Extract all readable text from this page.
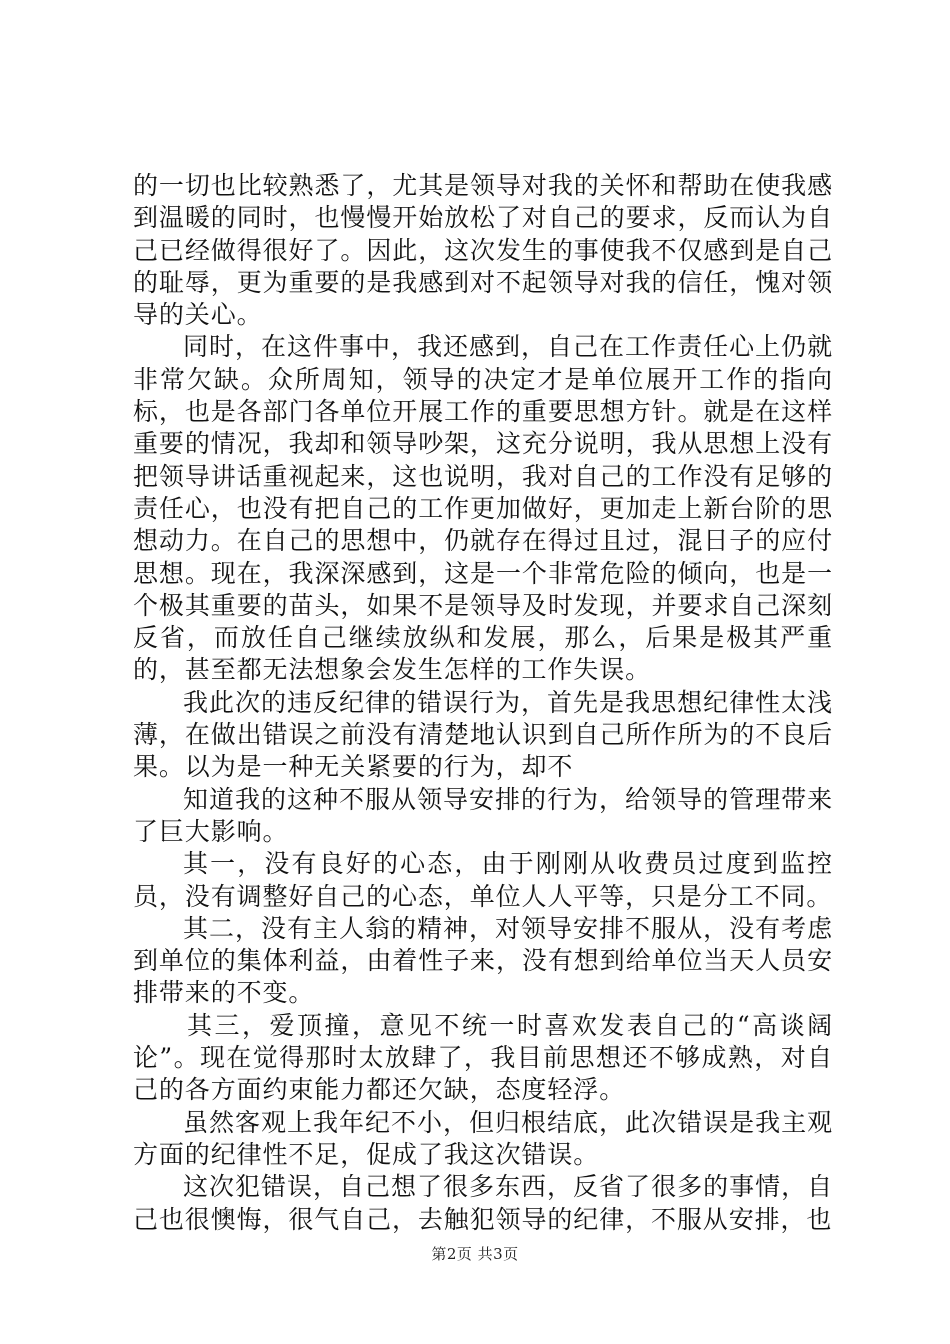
的一切也比较熟悉了，尤其是领导对我的关怀和帮助在使我感到温暖的同时，也慢慢开始放松了对自己的要求，反而认为自己已经做得很好了。因此，这次发生的事使我不仅感到是自己的耻辱，更为重要的是我感到对不起领导对我的信任，愧对领导的关心。

同时，在这件事中，我还感到，自己在工作责任心上仍就非常欠缺。众所周知，领导的决定才是单位展开工作的指向标，也是各部门各单位开展工作的重要思想方针。就是在这样重要的情况，我却和领导吵架，这充分说明，我从思想上没有把领导讲话重视起来，这也说明，我对自己的工作没有足够的责任心，也没有把自己的工作更加做好，更加走上新台阶的思想动力。在自己的思想中，仍就存在得过且过，混日子的应付思想。现在，我深深感到，这是一个非常危险的倾向，也是一个极其重要的苗头，如果不是领导及时发现，并要求自己深刻反省，而放任自己继续放纵和发展，那么，后果是极其严重的，甚至都无法想象会发生怎样的工作失误。

我此次的违反纪律的错误行为，首先是我思想纪律性太浅薄，在做出错误之前没有清楚地认识到自己所作所为的不良后果。以为是一种无关紧要的行为，却不

知道我的这种不服从领导安排的行为，给领导的管理带来了巨大影响。

其一，没有良好的心态，由于刚刚从收费员过度到监控员，没有调整好自己的心态，单位人人平等，只是分工不同。

其二，没有主人翁的精神，对领导安排不服从，没有考虑到单位的集体利益，由着性子来，没有想到给单位当天人员安排带来的不变。

其三，爱顶撞，意见不统一时喜欢发表自己的“高谈阔论”。现在觉得那时太放肆了，我目前思想还不够成熟，对自己的各方面约束能力都还欠缺，态度轻浮。

虽然客观上我年纪不小，但归根结底，此次错误是我主观方面的纪律性不足，促成了我这次错误。

这次犯错误，自己想了很多东西，反省了很多的事情，自己也很懊悔，很气自己，去触犯领导的纪律，不服从安排，也

第2页 共3页
